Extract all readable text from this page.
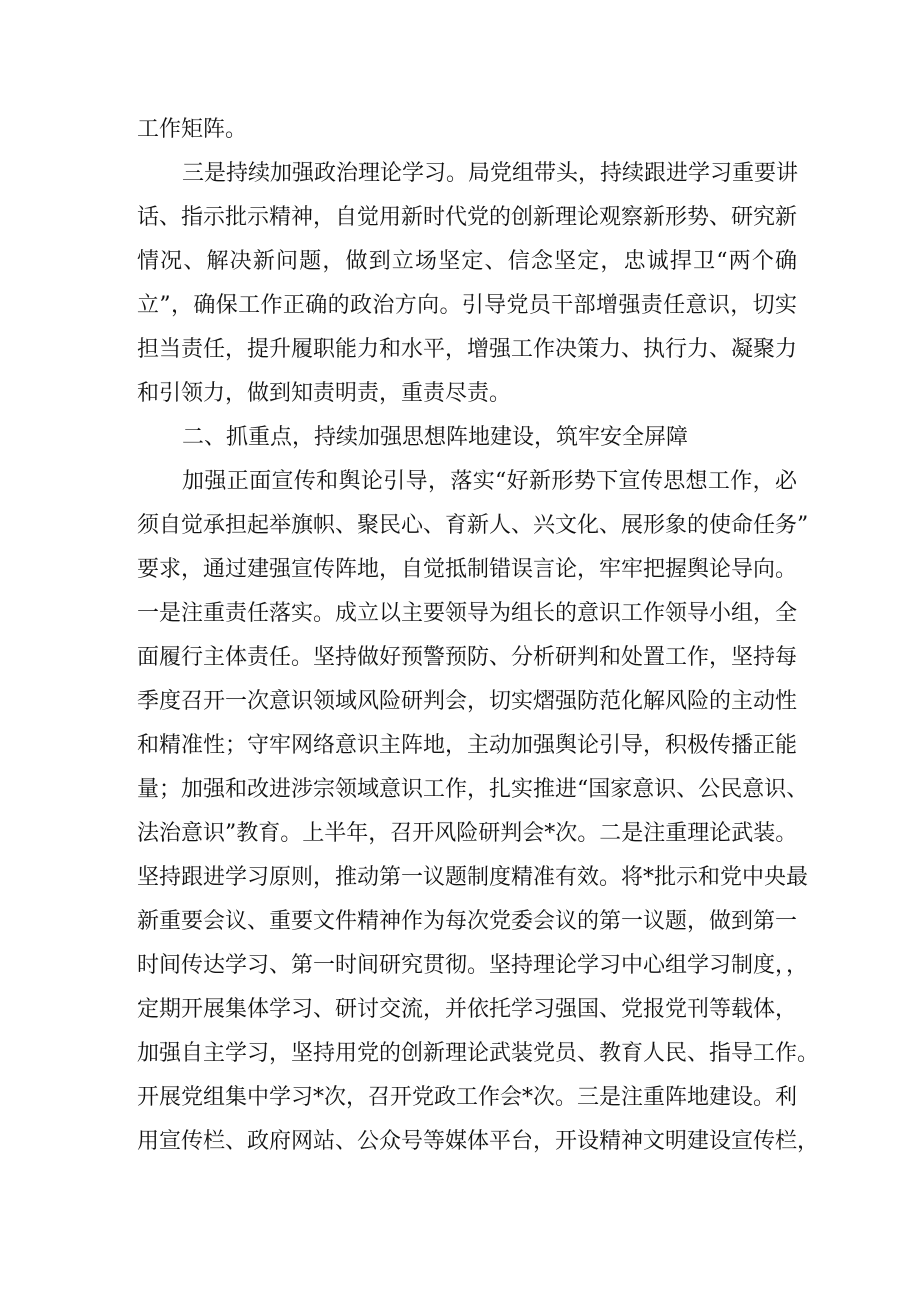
工作矩阵。
三是持续加强政治理论学习。局党组带头，持续跟进学习重要讲
话、指示批示精神，自觉用新时代党的创新理论观察新形势、研究新
情况、解决新问题，做到立场坚定、信念坚定，忠诚捍卫“两个确
立”，确保工作正确的政治方向。引导党员干部增强责任意识，切实
担当责任，提升履职能力和水平，增强工作决策力、执行力、凝聚力
和引领力，做到知责明责，重责尽责。
二、抓重点，持续加强思想阵地建设，筑牢安全屏障
加强正面宣传和舆论引导，落实“好新形势下宣传思想工作，必
须自觉承担起举旗帜、聚民心、育新人、兴文化、展形象的使命任务”
要求，通过建强宣传阵地，自觉抵制错误言论，牢牢把握舆论导向。
一是注重责任落实。成立以主要领导为组长的意识工作领导小组，全
面履行主体责任。坚持做好预警预防、分析研判和处置工作，坚持每
季度召开一次意识领域风险研判会，切实熠强防范化解风险的主动性
和精准性；守牢网络意识主阵地，主动加强舆论引导，积极传播正能
量；加强和改进涉宗领域意识工作，扎实推进“国家意识、公民意识、
法治意识”教育。上半年，召开风险研判会*次。二是注重理论武装。
坚持跟进学习原则，推动第一议题制度精准有效。将*批示和党中央最
新重要会议、重要文件精神作为每次党委会议的第一议题，做到第一
时间传达学习、第一时间研究贯彻。坚持理论学习中心组学习制度，，
定期开展集体学习、研讨交流，并依托学习强国、党报党刊等载体，
加强自主学习，坚持用党的创新理论武装党员、教育人民、指导工作。
开展党组集中学习*次，召开党政工作会*次。三是注重阵地建设。利
用宣传栏、政府网站、公众号等媒体平台，开设精神文明建设宣传栏，
